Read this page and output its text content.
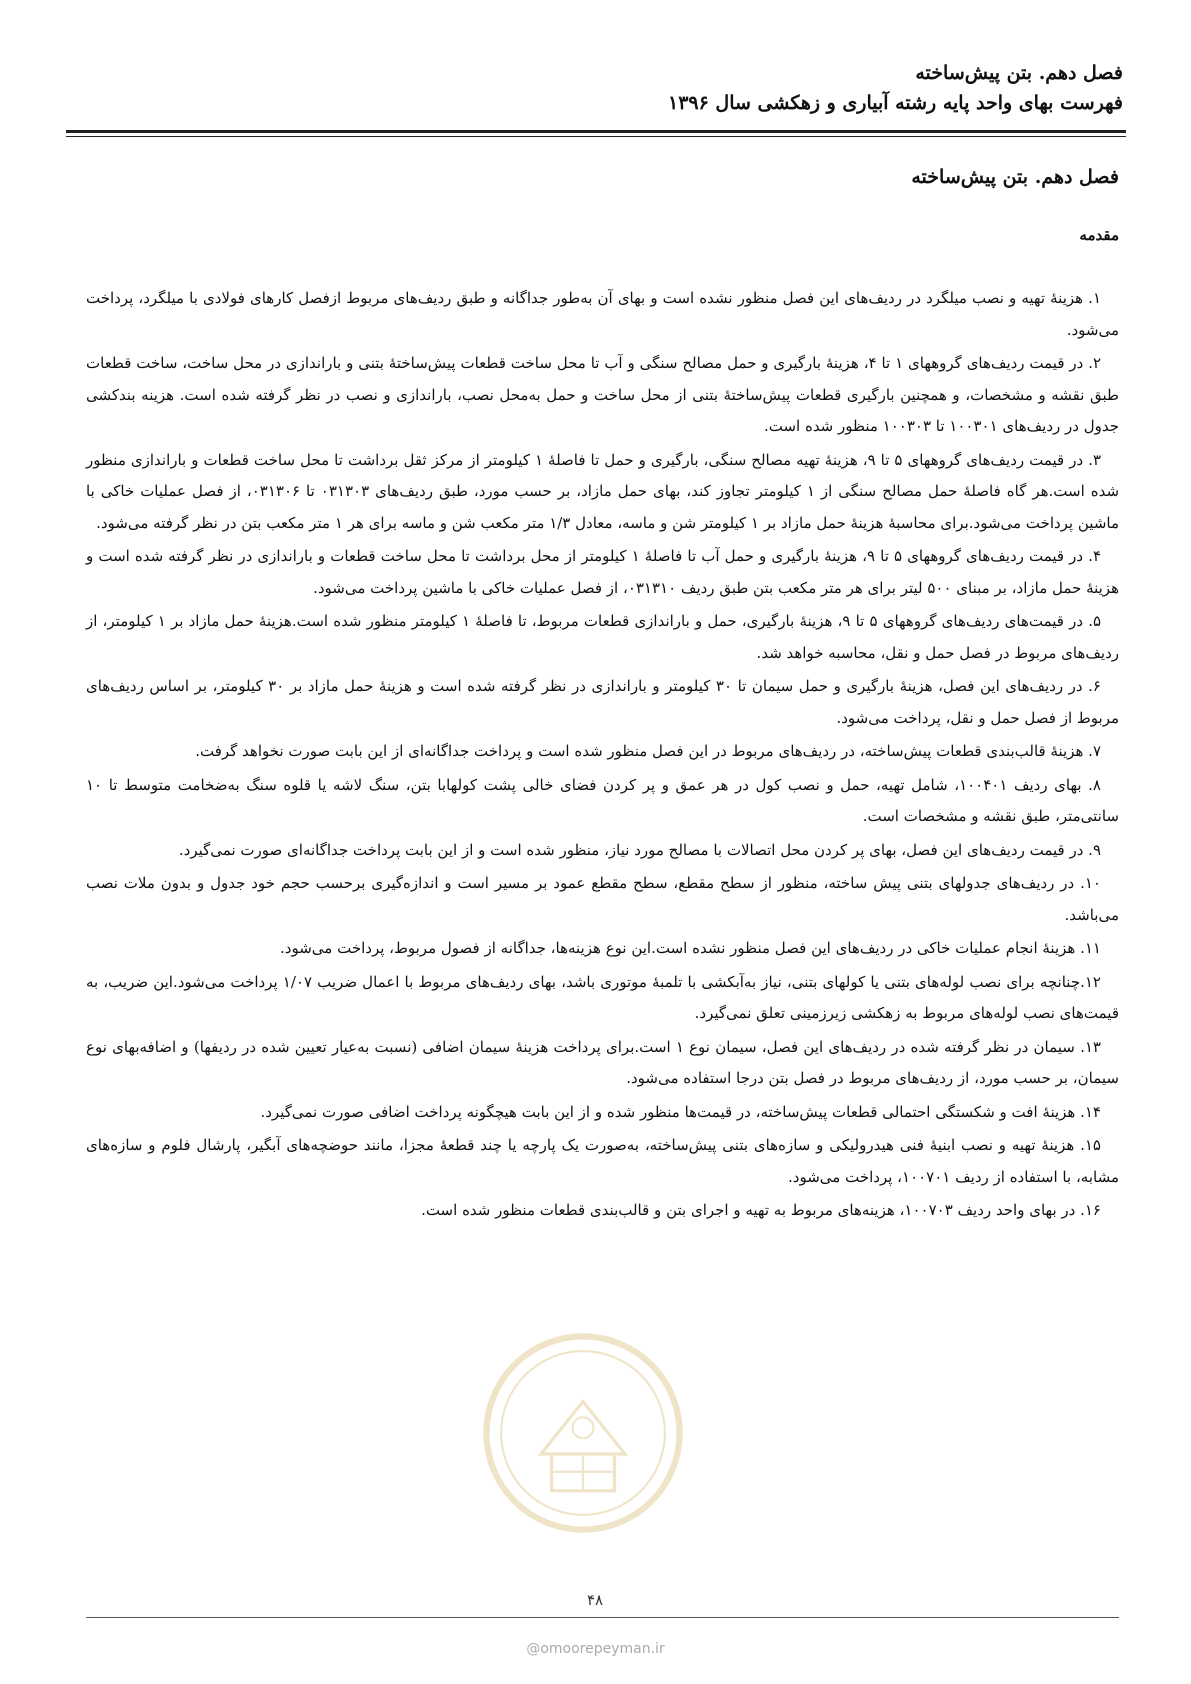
فصل دهم. بتن پیش‌ساخته
فهرست بهای واحد پایه رشته آبیاری و زهکشی سال ۱۳۹۶
فصل دهم. بتن پیش‌ساخته
مقدمه

۱. هزینهٔ تهیه و نصب میلگرد در ردیف‌های این فصل منظور نشده است و بهای آن به‌طور جداگانه و طبق ردیف‌های مربوط ازفصل کارهای فولادی با میلگرد، پرداخت می‌شود.

۲. در قیمت ردیف‌های گروههای ۱ تا ۴، هزینهٔ بارگیری و حمل مصالح سنگی و آب تا محل ساخت قطعات پیش‌ساختهٔ بتنی و باراندازی در محل ساخت، ساخت قطعات طبق نقشه و مشخصات، و همچنین بارگیری قطعات پیش‌ساختهٔ بتنی از محل ساخت و حمل به‌محل نصب، باراندازی و نصب در نظر گرفته شده است. هزینه بندکشی جدول در ردیف‌های ۱۰۰۳۰۱ تا ۱۰۰۳۰۳ منظور شده است.

۳. در قیمت ردیف‌های گروههای ۵ تا ۹، هزینهٔ تهیه مصالح سنگی، بارگیری و حمل تا فاصلهٔ ۱ کیلومتر از مرکز ثقل برداشت تا محل ساخت قطعات و باراندازی منظور شده است.هر گاه فاصلهٔ حمل مصالح سنگی از ۱ کیلومتر تجاوز کند، بهای حمل مازاد، بر حسب مورد، طبق ردیف‌های ۰۳۱۳۰۳ تا ۰۳۱۳۰۶، از فصل عملیات خاکی با ماشین پرداخت می‌شود.برای محاسبهٔ هزینهٔ حمل مازاد بر ۱ کیلومتر شن و ماسه، معادل ۱/۳ متر مکعب شن و ماسه برای هر ۱ متر مکعب بتن در نظر گرفته می‌شود.

۴. در قیمت ردیف‌های گروههای ۵ تا ۹، هزینهٔ بارگیری و حمل آب تا فاصلهٔ ۱ کیلومتر از محل برداشت تا محل ساخت قطعات و باراندازی در نظر گرفته شده است و هزینهٔ حمل مازاد، بر مبنای ۵۰۰ لیتر برای هر متر مکعب بتن طبق ردیف ۰۳۱۳۱۰، از فصل عملیات خاکی با ماشین پرداخت می‌شود.

۵. در قیمت‌های ردیف‌های گروههای ۵ تا ۹، هزینهٔ بارگیری، حمل و باراندازی قطعات مربوط، تا فاصلهٔ ۱ کیلومتر منظور شده است.هزینهٔ حمل مازاد بر ۱ کیلومتر، از ردیف‌های مربوط در فصل حمل و نقل، محاسبه خواهد شد.

۶. در ردیف‌های این فصل، هزینهٔ بارگیری و حمل سیمان تا ۳۰ کیلومتر و باراندازی در نظر گرفته شده است و هزینهٔ حمل مازاد بر ۳۰ کیلومتر، بر اساس ردیف‌های مربوط از فصل حمل و نقل، پرداخت می‌شود.

۷. هزینهٔ قالب‌بندی قطعات پیش‌ساخته، در ردیف‌های مربوط در این فصل منظور شده است و پرداخت جداگانه‌ای از این بابت صورت نخواهد گرفت.

۸. بهای ردیف ۱۰۰۴۰۱، شامل تهیه، حمل و نصب کول در هر عمق و پر کردن فضای خالی پشت کولهابا بتن، سنگ لاشه یا قلوه سنگ به‌ضخامت متوسط تا ۱۰ سانتی‌متر، طبق نقشه و مشخصات است.

۹. در قیمت ردیف‌های این فصل، بهای پر کردن محل اتصالات با مصالح مورد نیاز، منظور شده است و از این بابت پرداخت جداگانه‌ای صورت نمی‌گیرد.

۱۰. در ردیف‌های جدولهای بتنی پیش ساخته، منظور از سطح مقطع، سطح مقطع عمود بر مسیر است و اندازه‌گیری برحسب حجم خود جدول و بدون ملات نصب می‌باشد.

۱۱. هزینهٔ انجام عملیات خاکی در ردیف‌های این فصل منظور نشده است.این نوع هزینه‌ها، جداگانه از فصول مربوط، پرداخت می‌شود.

۱۲.چنانچه برای نصب لوله‌های بتنی یا کولهای بتنی، نیاز به‌آبکشی با تلمبهٔ موتوری باشد، بهای ردیف‌های مربوط با اعمال ضریب ۱/۰۷ پرداخت می‌شود.این ضریب، به قیمت‌های نصب لوله‌های مربوط به زهکشی زیرزمینی تعلق نمی‌گیرد.

۱۳. سیمان در نظر گرفته شده در ردیف‌های این فصل، سیمان نوع ۱ است.برای پرداخت هزینهٔ سیمان اضافی (نسبت به‌عیار تعیین شده در ردیفها) و اضافه‌بهای نوع سیمان، بر حسب مورد، از ردیف‌های مربوط در فصل بتن درجا استفاده می‌شود.

۱۴. هزینهٔ افت و شکستگی احتمالی قطعات پیش‌ساخته، در قیمت‌ها منظور شده و از این بابت هیچگونه پرداخت اضافی صورت نمی‌گیرد.

۱۵. هزینهٔ تهیه و نصب ابنیهٔ فنی هیدرولیکی و سازه‌های بتنی پیش‌ساخته، به‌صورت یک پارچه یا چند قطعهٔ مجزا، مانند حوضچه‌های آبگیر، پارشال فلوم و سازه‌های مشابه، با استفاده از ردیف ۱۰۰۷۰۱، پرداخت می‌شود.

۱۶. در بهای واحد ردیف ۱۰۰۷۰۳، هزینه‌های مربوط به تهیه و اجرای بتن و قالب‌بندی قطعات منظور شده است.

۴۸
@omoorepeyman.ir
